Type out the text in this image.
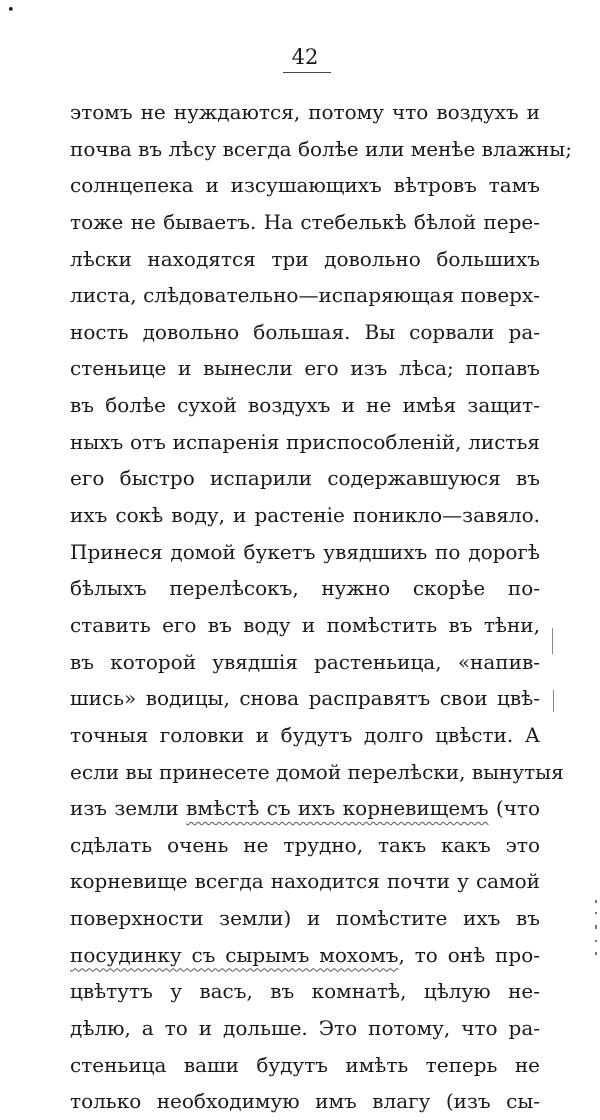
•
42
этомъ не нуждаются, потому что воздухъ и
почва въ лѣсу всегда болѣе или менѣе влажны;
солнцепека и изсушающихъ вѣтровъ тамъ
тоже не бываетъ. На стебелькѣ бѣлой пере-
лѣски находятся три довольно большихъ
листа, слѣдовательно—испаряющая поверх-
ность довольно большая. Вы сорвали ра-
стеньице и вынесли его изъ лѣса; попавъ
въ болѣе сухой воздухъ и не имѣя защит-
ныхъ отъ испаренія приспособленій, листья
его быстро испарили содержавшуюся въ
ихъ сокѣ воду, и растеніе поникло—завяло.
Принеся домой букетъ увядшихъ по дорогѣ
бѣлыхъ перелѣсокъ, нужно скорѣе по-
ставить его въ воду и помѣстить въ тѣни,
въ которой увядшія растеньица, «напив-
шись» водицы, снова расправятъ свои цвѣ-
точныя головки и будутъ долго цвѣсти. А
если вы принесете домой перелѣски, вынутыя
изъ земли вмѣстѣ съ ихъ корневищемъ (что
сдѣлать очень не трудно, такъ какъ это
корневище всегда находится почти у самой
поверхности земли) и помѣстите ихъ въ
посудинку съ сырымъ мохомъ, то онѣ про-
цвѣтутъ у васъ, въ комнатѣ, цѣлую не-
дѣлю, а то и дольше. Это потому, что ра-
стеньица ваши будутъ имѣть теперь не
только необходимую имъ влагу (изъ сы-
